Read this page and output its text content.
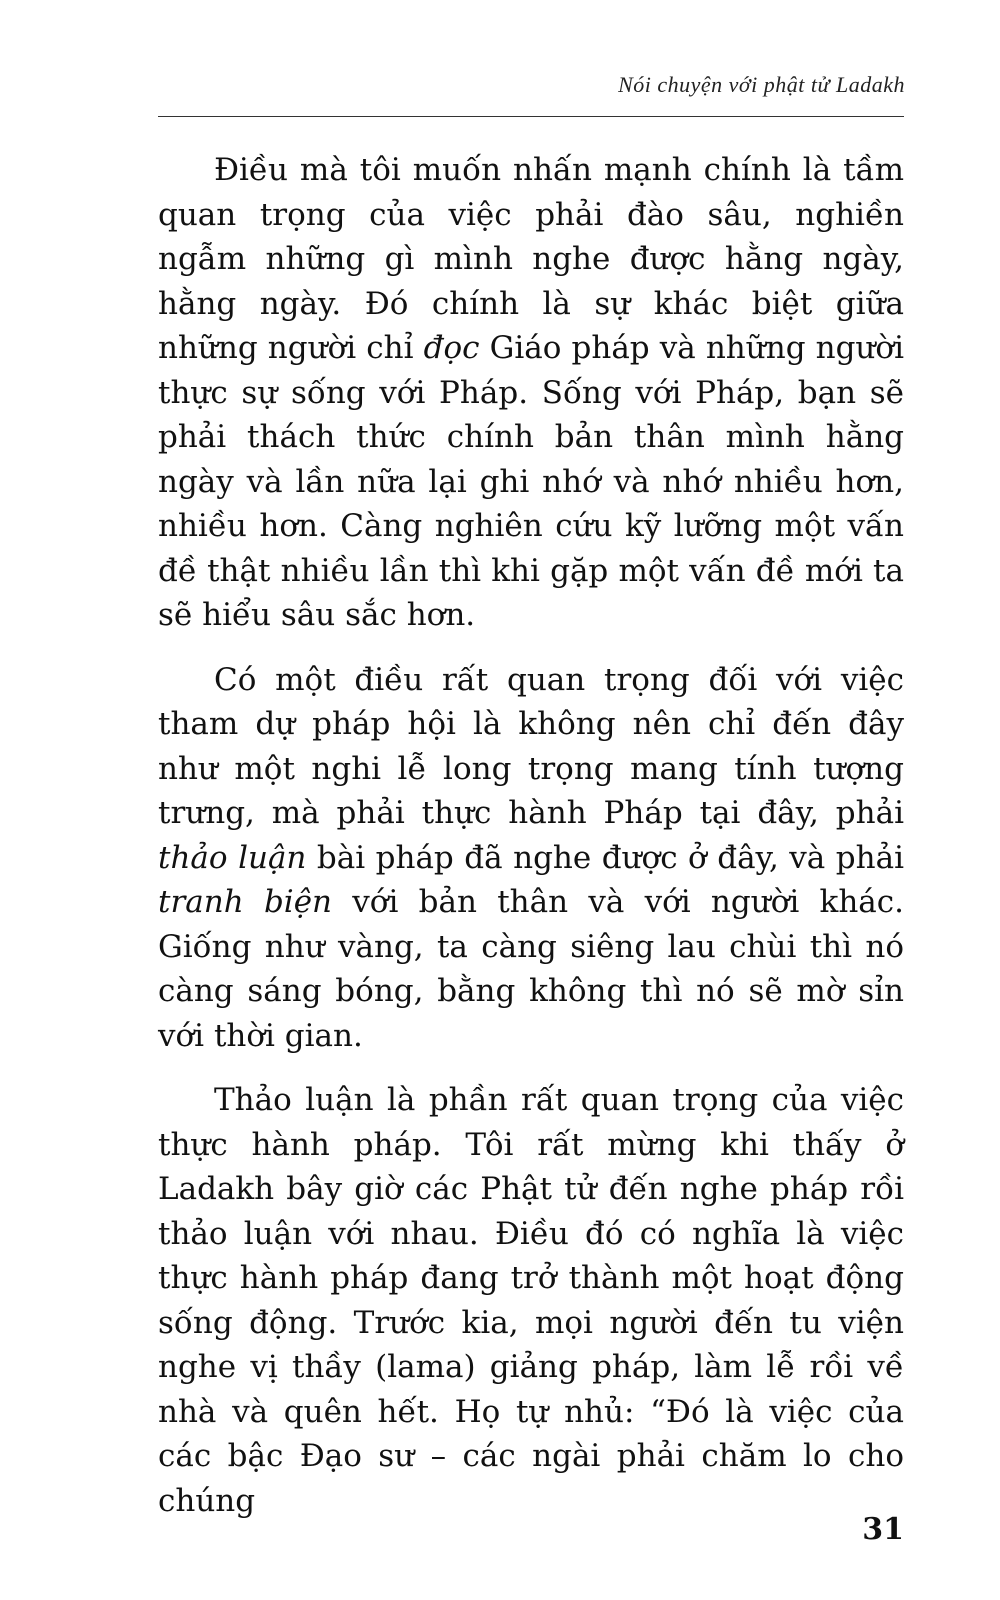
Nói chuyện với phật tử Ladakh

Điều mà tôi muốn nhấn mạnh chính là tầm quan trọng của việc phải đào sâu, nghiền ngẫm những gì mình nghe được hằng ngày, hằng ngày. Đó chính là sự khác biệt giữa những người chỉ đọc Giáo pháp và những người thực sự sống với Pháp. Sống với Pháp, bạn sẽ phải thách thức chính bản thân mình hằng ngày và lần nữa lại ghi nhớ và nhớ nhiều hơn, nhiều hơn. Càng nghiên cứu kỹ lưỡng một vấn đề thật nhiều lần thì khi gặp một vấn đề mới ta sẽ hiểu sâu sắc hơn.

Có một điều rất quan trọng đối với việc tham dự pháp hội là không nên chỉ đến đây như một nghi lễ long trọng mang tính tượng trưng, mà phải thực hành Pháp tại đây, phải thảo luận bài pháp đã nghe được ở đây, và phải tranh biện với bản thân và với người khác. Giống như vàng, ta càng siêng lau chùi thì nó càng sáng bóng, bằng không thì nó sẽ mờ sỉn với thời gian.

Thảo luận là phần rất quan trọng của việc thực hành pháp. Tôi rất mừng khi thấy ở Ladakh bây giờ các Phật tử đến nghe pháp rồi thảo luận với nhau. Điều đó có nghĩa là việc thực hành pháp đang trở thành một hoạt động sống động. Trước kia, mọi người đến tu viện nghe vị thầy (lama) giảng pháp, làm lễ rồi về nhà và quên hết. Họ tự nhủ: “Đó là việc của các bậc Đạo sư – các ngài phải chăm lo cho chúng

31
